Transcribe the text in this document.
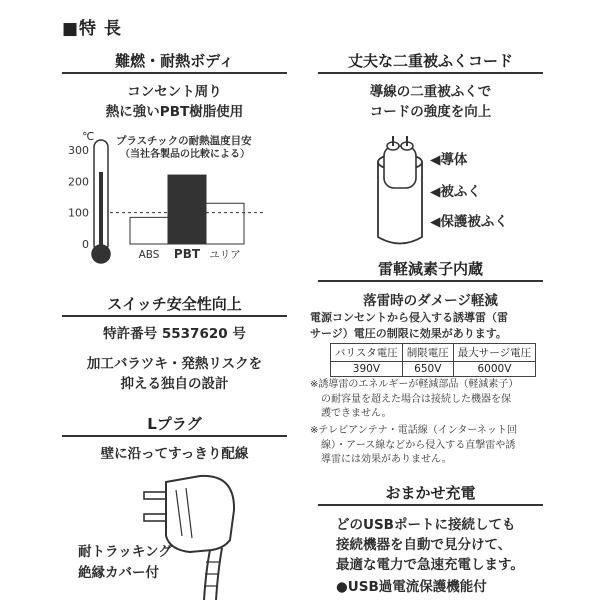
■特 長
難燃・耐熱ボディ
コンセント周り
熱に強いPBT樹脂使用
プラスチックの耐熱温度目安
（当社各製品の比較による）
℃
0
100
200
300
ABS PBT ユリア
スイッチ安全性向上
特許番号 5537620 号
加工バラツキ・発熱リスクを
抑える独自の設計
Lプラグ
壁に沿ってすっきり配線
耐トラッキング
絶縁カバー付
丈夫な二重被ふくコード
導線の二重被ふくで
コードの強度を向上
◀導体
◀被ふく
◀保護被ふく
雷軽減素子内蔵
落雷時のダメージ軽減
電源コンセントから侵入する誘導雷（雷
サージ）電圧の制限に効果があります。
バリスタ電圧	制限電圧	最大サージ電圧
390V	650V	6000V
※誘導雷のエネルギーが軽減部品（軽減素子）
の耐容量を超えた場合は接続した機器を保
護できません。
※テレビアンテナ・電話線（インターネット回
線）・アース線などから侵入する直撃雷や誘
導雷には効果がありません。
おまかせ充電
どのUSBポートに接続しても
接続機器を自動で見分けて、
最適な電力で急速充電します。
●USB過電流保護機能付
